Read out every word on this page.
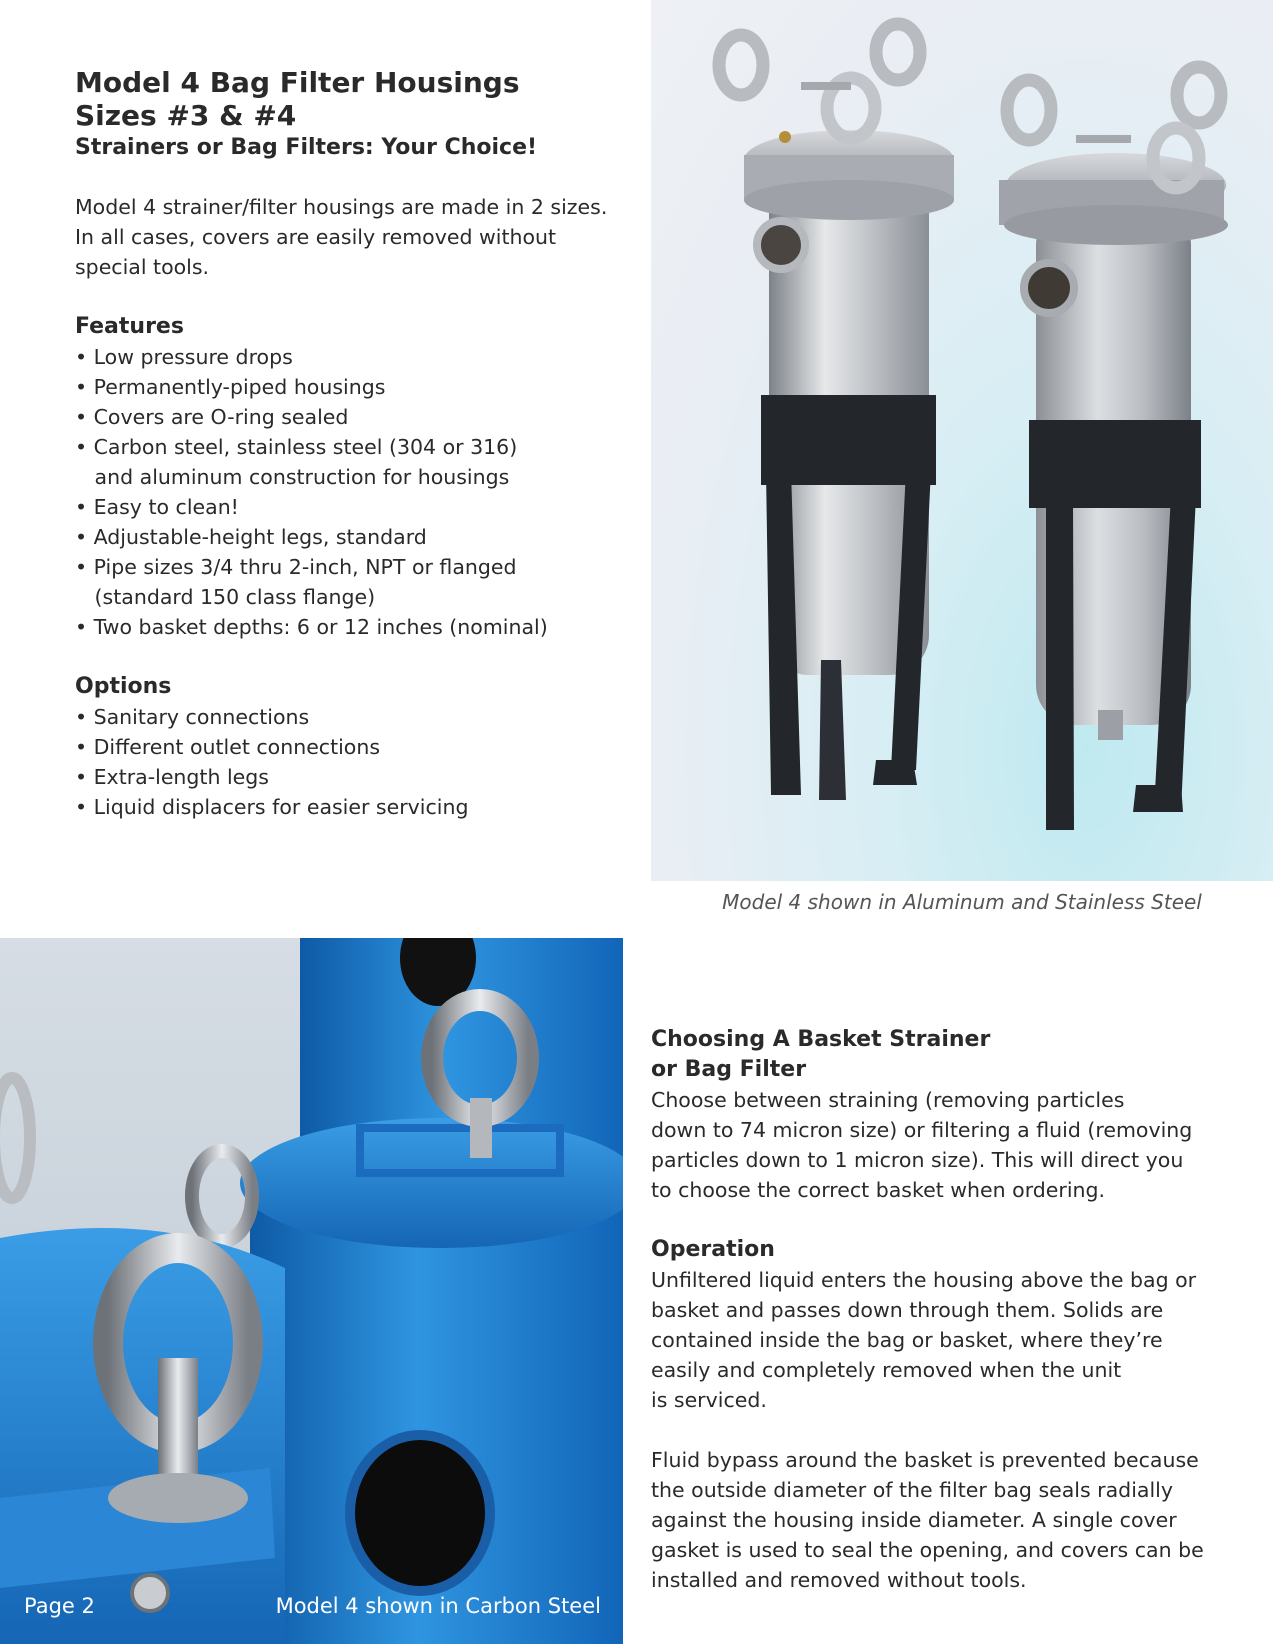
Model 4 Bag Filter Housings
Sizes #3 & #4
Strainers or Bag Filters: Your Choice!
Model 4 strainer/filter housings are made in 2 sizes.
In all cases, covers are easily removed without
special tools.
Features
• Low pressure drops
• Permanently-piped housings
• Covers are O-ring sealed
• Carbon steel, stainless steel (304 or 316)
and aluminum construction for housings
• Easy to clean!
• Adjustable-height legs, standard
• Pipe sizes 3/4 thru 2-inch, NPT or flanged
(standard 150 class flange)
• Two basket depths: 6 or 12 inches (nominal)
Options
• Sanitary connections
• Different outlet connections
• Extra-length legs
• Liquid displacers for easier servicing
Model 4 shown in Aluminum and Stainless Steel
Page 2	Model 4 shown in Carbon Steel
Choosing A Basket Strainer
or Bag Filter
Choose between straining (removing particles
down to 74 micron size) or filtering a fluid (removing
particles down to 1 micron size). This will direct you
to choose the correct basket when ordering.
Operation
Unfiltered liquid enters the housing above the bag or
basket and passes down through them. Solids are
contained inside the bag or basket, where they’re
easily and completely removed when the unit
is serviced.
Fluid bypass around the basket is prevented because
the outside diameter of the filter bag seals radially
against the housing inside diameter. A single cover
gasket is used to seal the opening, and covers can be
installed and removed without tools.
